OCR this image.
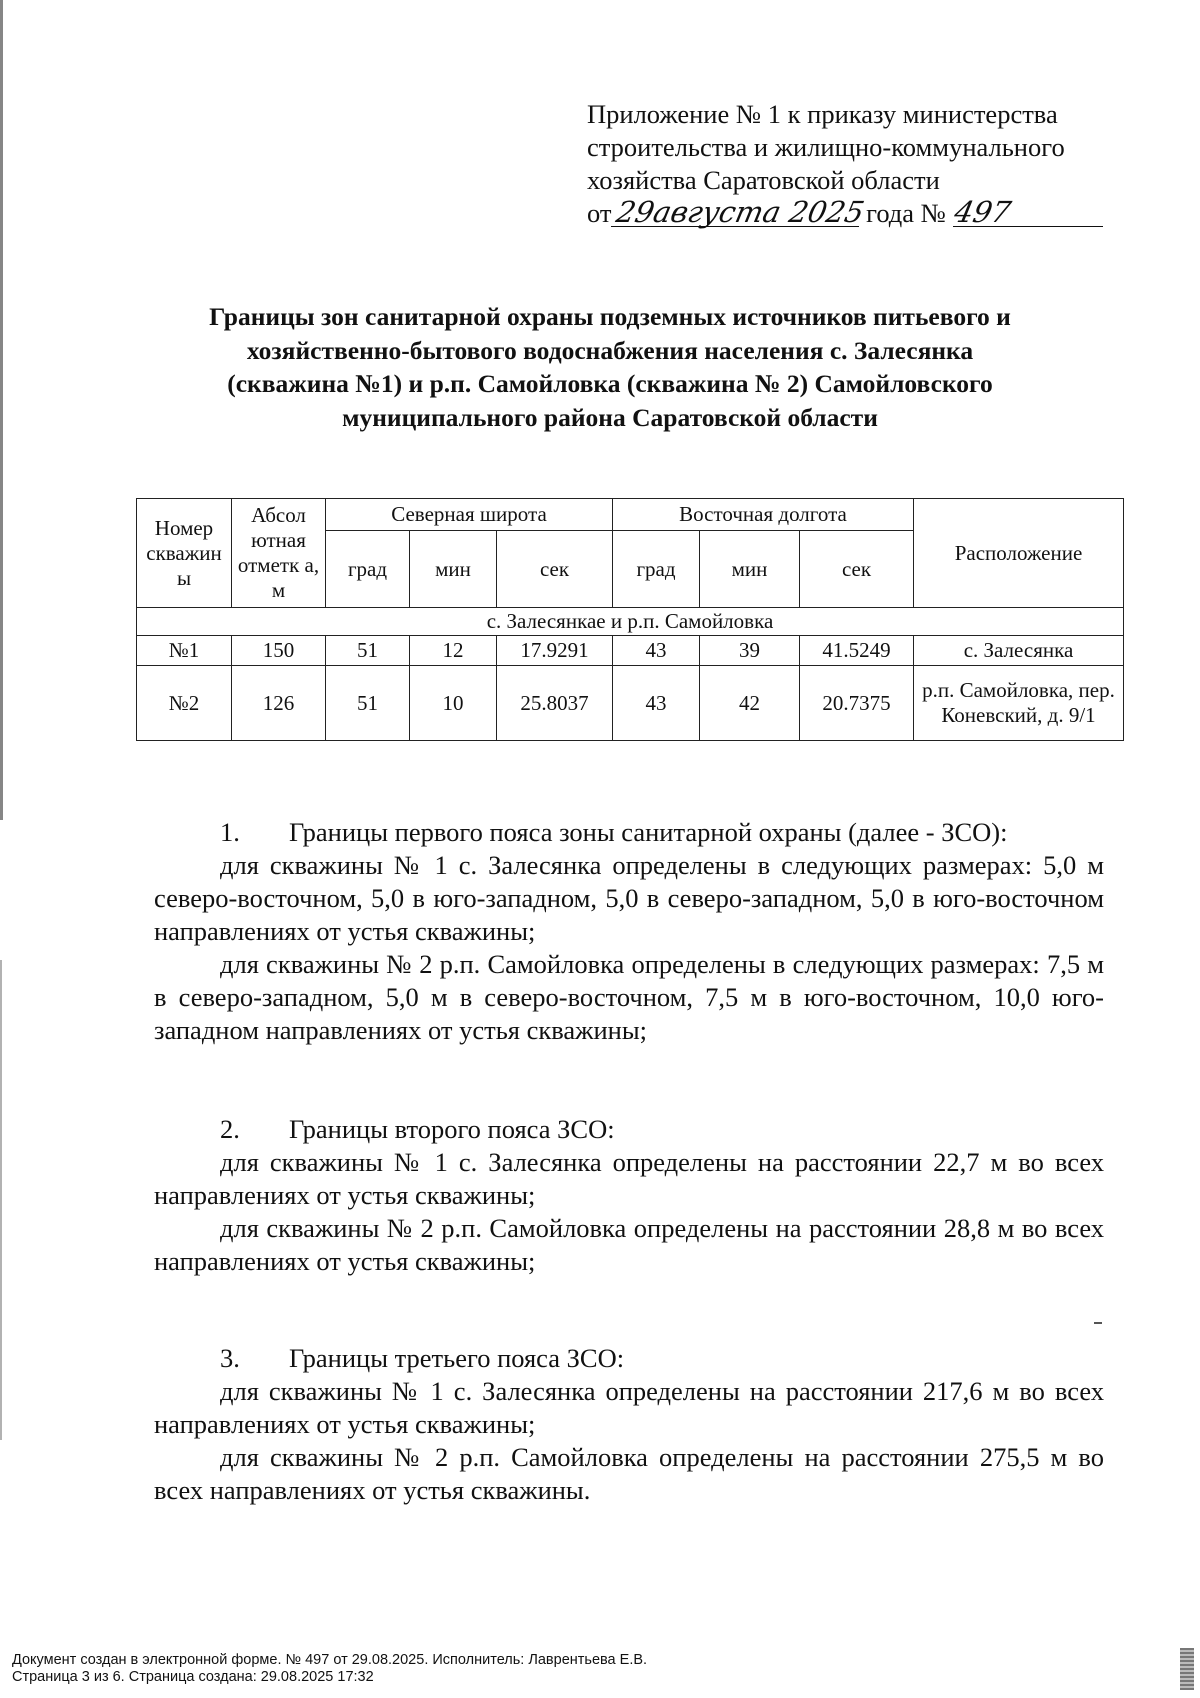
Приложение № 1 к приказу министерства
строительства и жилищно-коммунального
хозяйства Саратовской области
от29августа 2025 года № 497
Границы зон санитарной охраны подземных источников питьевого и
хозяйственно-бытового водоснабжения населения с. Залесянка
(скважина №1) и р.п. Самойловка (скважина № 2) Самойловского
муниципального района Саратовской области
Номер скважин ы	Абсол ютная отметк а, м	Северная широта			Восточная долгота			Расположение
		град	мин	сек	град	мин	сек	
с. Залесянкае и р.п. Самойловка								
№1	150	51	12	17.9291	43	39	41.5249	с. Залесянка
№2	126	51	10	25.8037	43	42	20.7375	р.п. Самойловка, пер. Коневский, д. 9/1
1.	Границы первого пояса зоны санитарной охраны (далее - ЗСО):

для скважины № 1 с. Залесянка определены в следующих размерах: 5,0 м северо-восточном, 5,0 в юго-западном, 5,0 в северо-западном, 5,0 в юго-восточном направлениях от устья скважины;

для скважины № 2 р.п. Самойловка определены в следующих размерах: 7,5 м в северо-западном, 5,0 м в северо-восточном, 7,5 м в юго-восточном, 10,0 юго-западном направлениях от устья скважины;

2.	Границы второго пояса ЗСО:

для скважины № 1 с. Залесянка определены на расстоянии 22,7 м во всех направлениях от устья скважины;

для скважины № 2 р.п. Самойловка определены на расстоянии 28,8 м во всех направлениях от устья скважины;

3.	Границы третьего пояса ЗСО:

для скважины № 1 с. Залесянка определены на расстоянии 217,6 м во всех направлениях от устья скважины;

для скважины № 2 р.п. Самойловка определены на расстоянии 275,5 м во всех направлениях от устья скважины.

Документ создан в электронной форме. № 497 от 29.08.2025. Исполнитель: Лаврентьева Е.В.
Страница 3 из 6. Страница создана: 29.08.2025 17:32
